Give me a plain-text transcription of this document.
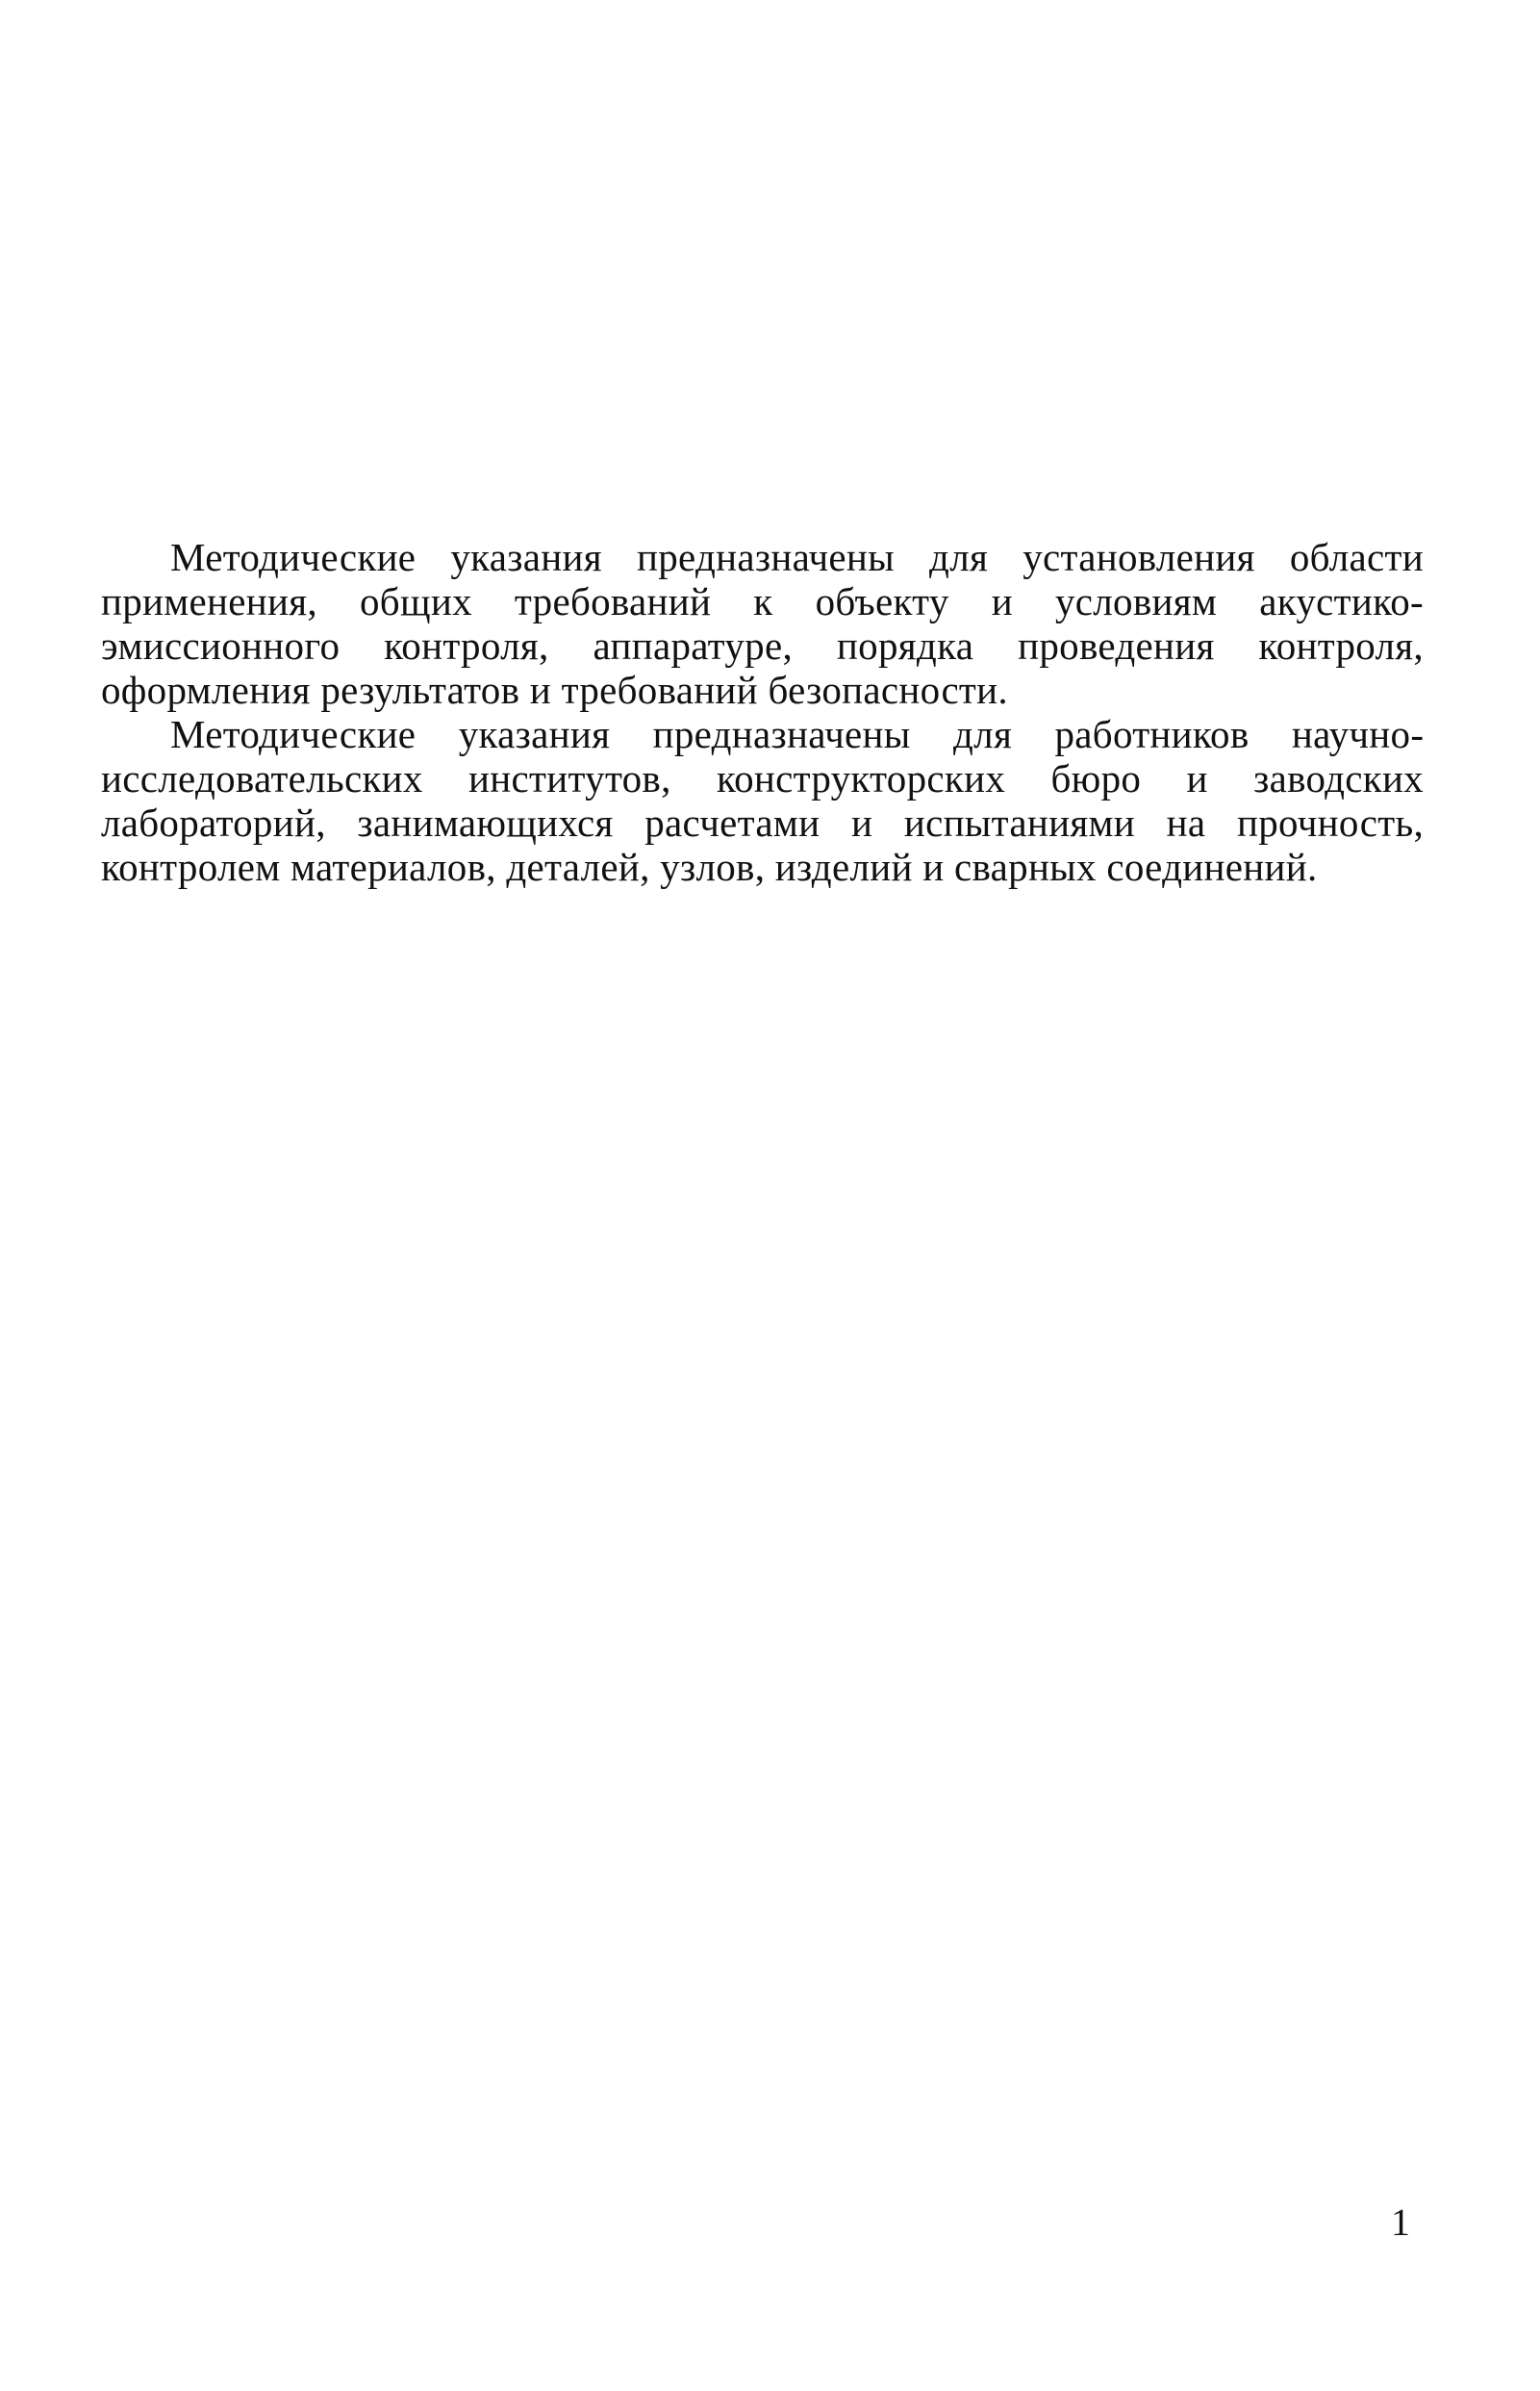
Методические указания предназначены для установления области применения, общих требований к объекту и условиям акустико-эмиссионного контроля, аппаратуре, порядка проведения контроля, оформления результатов и требований безопасности.

Методические указания предназначены для работников научноисследовательских институтов, конструкторских бюро и заводских лабораторий, занимающихся расчетами и испытаниями на прочность, контролем материалов, деталей, узлов, изделий и сварных соединений.

1
